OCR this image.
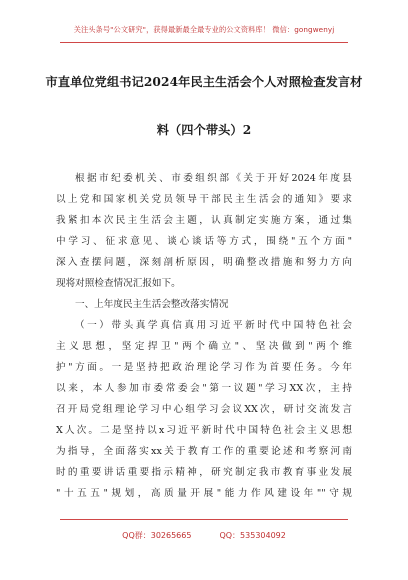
关注头条号"公文研究"，获得最新最全最专业的公文资料库！ 微信：gongwenyj
市直单位党组书记2024年民主生活会个人对照检查发言材
料（四个带头）2
根据市纪委机关、市委组织部《关于开好2024年度县
以上党和国家机关党员领导干部民主生活会的通知》要求
我紧扣本次民主生活会主题，认真制定实施方案，通过集
中学习、征求意见、谈心谈话等方式，围绕"五个方面"
深入查摆问题，深刻剖析原因，明确整改措施和努力方向
现将对照检查情况汇报如下。
一、上年度民主生活会整改落实情况
（一）带头真学真信真用习近平新时代中国特色社会
主义思想，坚定捍卫"两个确立"、坚决做到"两个维
护"方面。一是坚持把政治理论学习作为首要任务。今年
以来，本人参加市委常委会"第一议题"学习XX次，主持
召开局党组理论学习中心组学习会议XX次，研讨交流发言
X人次。二是坚持以x习近平新时代中国特色社会主义思想
为指导，全面落实xx关于教育工作的重要论述和考察河南
时的重要讲话重要指示精神，研究制定我市教育事业发展
"十五五"规划，高质量开展"能力作风建设年""守规
QQ群：30265665	QQ：535304092
